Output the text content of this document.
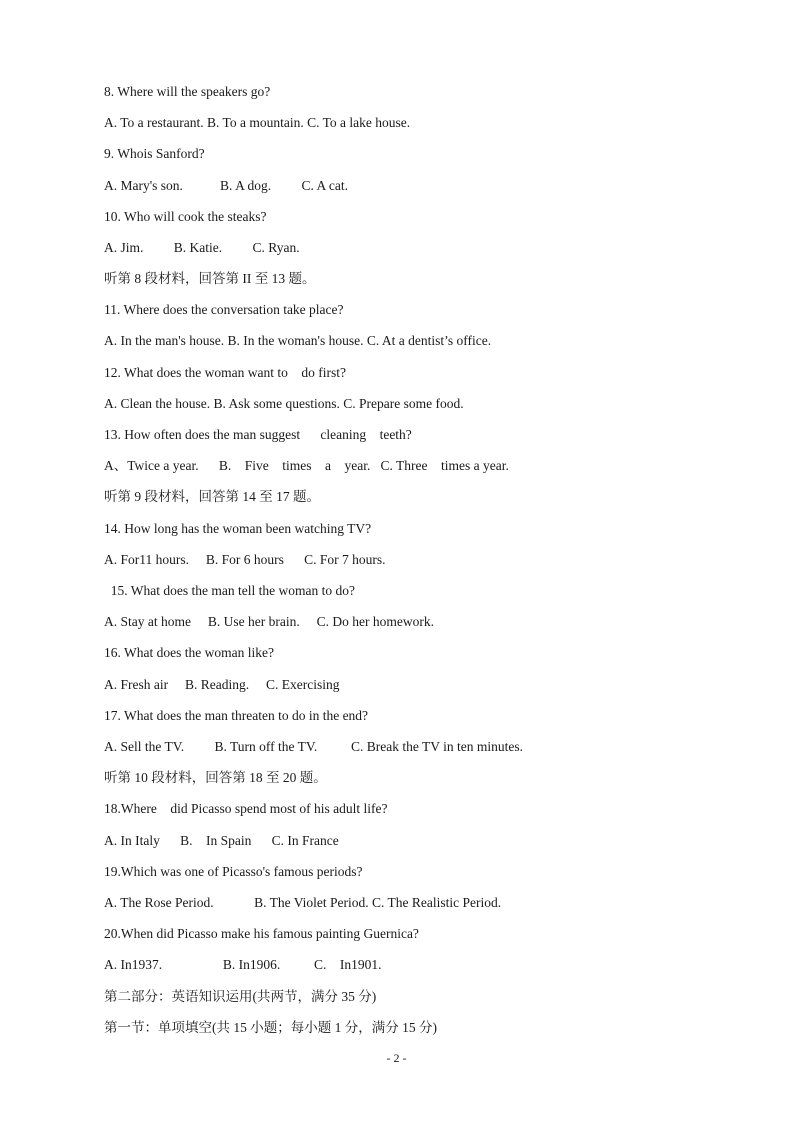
8. Where will the speakers go?
A. To a restaurant. B. To a mountain. C. To a lake house.
9. Whois Sanford?
A. Mary's son.           B. A dog.         C. A cat.
10. Who will cook the steaks?
A. Jim.         B. Katie.         C. Ryan.
听第 8 段材料，回答第 II 至 13 题。
11. Where does the conversation take place?
A. In the man's house. B. In the woman's house. C. At a dentist’s office.
12. What does the woman want to    do first?
A. Clean the house. B. Ask some questions. C. Prepare some food.
13. How often does the man suggest      cleaning    teeth?
A、Twice a year.      B.    Five    times    a    year.   C. Three    times a year.
听第 9 段材料，回答第 14 至 17 题。
14. How long has the woman been watching TV?
A. For11 hours.     B. For 6 hours      C. For 7 hours.
15. What does the man tell the woman to do?
A. Stay at home     B. Use her brain.     C. Do her homework.
16. What does the woman like?
A. Fresh air     B. Reading.     C. Exercising
17. What does the man threaten to do in the end?
A. Sell the TV.         B. Turn off the TV.          C. Break the TV in ten minutes.
听第 10 段材料，回答第 18 至 20 题。
18.Where    did Picasso spend most of his adult life?
A. In Italy      B.    In Spain      C. In France
19.Which was one of Picasso's famous periods?
A. The Rose Period.            B. The Violet Period. C. The Realistic Period.
20.When did Picasso make his famous painting Guernica?
A. In1937.                  B. In1906.          C.    In1901.
第二部分：英语知识运用(共两节，满分 35 分)
第一节：单项填空(共 15 小题；每小题 1 分，满分 15 分)
- 2 -
